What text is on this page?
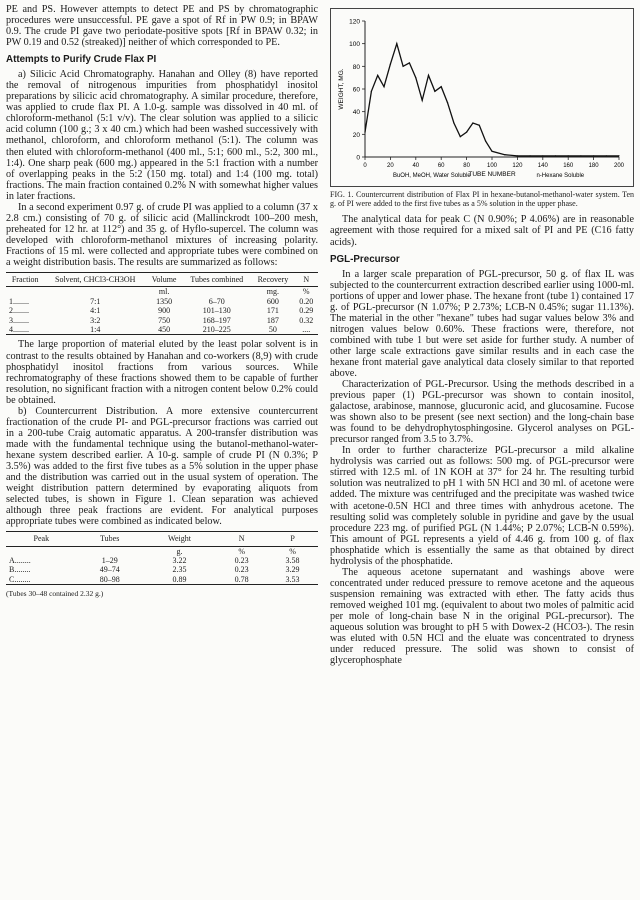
PE and PS. However attempts to detect PE and PS by chromatographic procedures were unsuccessful. PE gave a spot of Rf in PW 0.9; in BPAW 0.9. The crude PI gave two periodate-positive spots [Rf in BPAW 0.32; in PW 0.19 and 0.52 (streaked)] neither of which corresponded to PE.

Attempts to Purify Crude Flax PI

a) Silicic Acid Chromatography. Hanahan and Olley (8) have reported the removal of nitrogenous impurities from phosphatidyl inositol preparations by silicic acid chromatography. A similar procedure, therefore, was applied to crude flax PI. A 1.0-g. sample was dissolved in 40 ml. of chloroform-methanol (5:1 v/v). The clear solution was applied to a silicic acid column (100 g.; 3 x 40 cm.) which had been washed successively with methanol, chloroform, and chloroform methanol (5:1). The column was then eluted with chloroform-methanol (400 ml., 5:1; 600 ml., 5:2, 300 ml., 1:4). One sharp peak (600 mg.) appeared in the 5:1 fraction with a number of overlapping peaks in the 5:2 (150 mg. total) and 1:4 (100 mg. total) fractions. The main fraction contained 0.2% N with somewhat higher values in later fractions.

In a second experiment 0.97 g. of crude PI was applied to a column (37 x 2.8 cm.) consisting of 70 g. of silicic acid (Mallinckrodt 100–200 mesh, preheated for 12 hr. at 112°) and 35 g. of Hyflo-supercel. The column was developed with chloroform-methanol mixtures of increasing polarity. Fractions of 15 ml. were collected and appropriate tubes were combined on a weight distribution basis. The results are summarized as follows:

Fraction	Solvent, CHCl3-CH3OH	Volume	Tubes combined	Recovery	N
		ml.		mg.	%
1........	7:1	1350	6–70	600	0.20
2........	4:1	900	101–130	171	0.29
3........	3:2	750	168–197	187	0.32
4........	1:4	450	210–225	50	....

The large proportion of material eluted by the least polar solvent is in contrast to the results obtained by Hanahan and co-workers (8,9) with crude phosphatidyl inositol fractions from various sources. While rechromatography of these fractions showed them to be capable of further resolution, no significant fraction with a nitrogen content below 0.2% could be obtained.

b) Countercurrent Distribution. A more extensive countercurrent fractionation of the crude PI- and PGL-precursor fractions was carried out in a 200-tube Craig automatic apparatus. A 200-transfer distribution was made with the fundamental technique using the butanol-methanol-water-hexane system described earlier. A 10-g. sample of crude PI (N 0.3%; P 3.5%) was added to the first five tubes as a 5% solution in the upper phase and the distribution was carried out in the usual system of operation. The weight distribution pattern determined by evaporating aliquots from selected tubes, is shown in Figure 1. Clean separation was achieved although three peak fractions are evident. For analytical purposes appropriate tubes were combined as indicated below.

Peak	Tubes	Weight	N	P
		g.	%	%
A........	1–29	3.22	0.23	3.58
B........	49–74	2.35	0.23	3.29
C........	80–98	0.89	0.78	3.53
(Tubes 30–48 contained 2.32 g.)
0
20
40
60
80
100
120
0	20	40	60	80	100	120	140	160	180	200
WEIGHT, MG.
TUBE NUMBER
BuOH, MeOH, Water Soluble	n-Hexane Soluble
FIG. 1. Countercurrent distribution of Flax PI in hexane-butanol-methanol-water system. Ten g. of PI were added to the first five tubes as a 5% solution in the upper phase.

The analytical data for peak C (N 0.90%; P 4.06%) are in reasonable agreement with those required for a mixed salt of PI and PE (C16 fatty acids).

PGL-Precursor

In a larger scale preparation of PGL-precursor, 50 g. of flax IL was subjected to the countercurrent extraction described earlier using 1000-ml. portions of upper and lower phase. The hexane front (tube 1) contained 17 g. of PGL-precursor (N 1.07%; P 2.73%; LCB-N 0.45%; sugar 11.13%). The material in the other "hexane" tubes had sugar values below 3% and nitrogen values below 0.60%. These fractions were, therefore, not combined with tube 1 but were set aside for further study. A number of other large scale extractions gave similar results and in each case the hexane front material gave analytical data closely similar to that reported above.

Characterization of PGL-Precursor. Using the methods described in a previous paper (1) PGL-precursor was shown to contain inositol, galactose, arabinose, mannose, glucuronic acid, and glucosamine. Fucose was shown also to be present (see next section) and the long-chain base was found to be dehydrophytosphingosine. Glycerol analyses on PGL-precursor ranged from 3.5 to 3.7%.

In order to further characterize PGL-precursor a mild alkaline hydrolysis was carried out as follows: 500 mg. of PGL-precursor were stirred with 12.5 ml. of 1N KOH at 37° for 24 hr. The resulting turbid solution was neutralized to pH 1 with 5N HCl and 30 ml. of acetone were added. The mixture was centrifuged and the precipitate was washed twice with acetone-0.5N HCl and three times with anhydrous acetone. The resulting solid was completely soluble in pyridine and gave by the usual procedure 223 mg. of purified PGL (N 1.44%; P 2.07%; LCB-N 0.59%). This amount of PGL represents a yield of 4.46 g. from 100 g. of flax phosphatide which is essentially the same as that obtained by direct hydrolysis of the phosphatide.

The aqueous acetone supernatant and washings above were concentrated under reduced pressure to remove acetone and the aqueous suspension remaining was extracted with ether. The fatty acids thus removed weighed 101 mg. (equivalent to about two moles of palmitic acid per mole of long-chain base N in the original PGL-precursor). The aqueous solution was brought to pH 5 with Dowex-2 (HCO3-). The resin was eluted with 0.5N HCl and the eluate was concentrated to dryness under reduced pressure. The solid was shown to consist of glycerophosphate
